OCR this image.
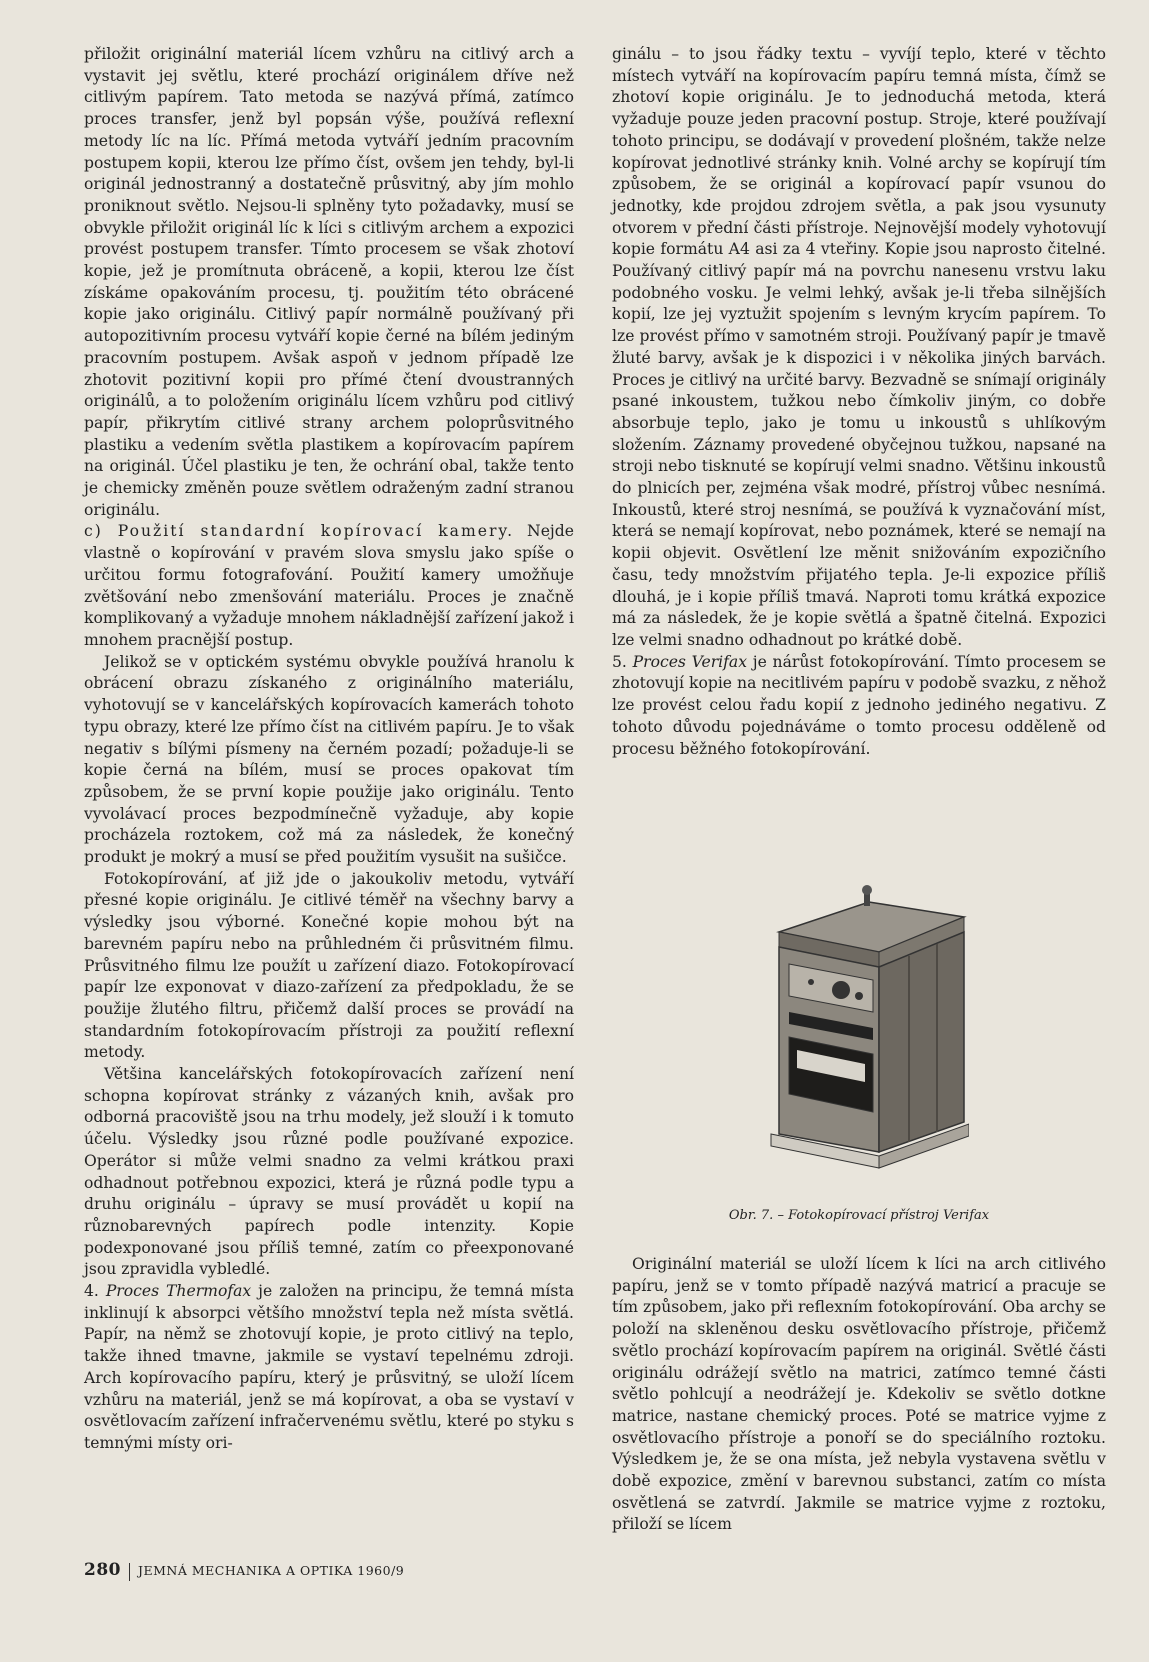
přiložit originální materiál lícem vzhůru na citlivý arch a vystavit jej světlu, které prochází originálem dříve než citlivým papírem. Tato metoda se nazývá přímá, zatímco proces transfer, jenž byl popsán výše, používá reflexní metody líc na líc. Přímá metoda vytváří jedním pracovním postupem kopii, kterou lze přímo číst, ovšem jen tehdy, byl-li originál jednostranný a dostatečně průsvitný, aby jím mohlo proniknout světlo. Nejsou-li splněny tyto požadavky, musí se obvykle přiložit originál líc k líci s citlivým archem a expozici provést postupem transfer. Tímto procesem se však zhotoví kopie, jež je promítnuta obráceně, a kopii, kterou lze číst získáme opakováním procesu, tj. použitím této obrácené kopie jako originálu. Citlivý papír normálně používaný při autopozitivním procesu vytváří kopie černé na bílém jediným pracovním postupem. Avšak aspoň v jednom případě lze zhotovit pozitivní kopii pro přímé čtení dvoustranných originálů, a to položením originálu lícem vzhůru pod citlivý papír, přikrytím citlivé strany archem poloprůsvitného plastiku a vedením světla plastikem a kopírovacím papírem na originál. Účel plastiku je ten, že ochrání obal, takže tento je chemicky změněn pouze světlem odraženým zadní stranou originálu.

c) Použití standardní kopírovací kamery. Nejde vlastně o kopírování v pravém slova smyslu jako spíše o určitou formu fotografování. Použití kamery umožňuje zvětšování nebo zmenšování materiálu. Proces je značně komplikovaný a vyžaduje mnohem nákladnější zařízení jakož i mnohem pracnější postup.

Jelikož se v optickém systému obvykle používá hranolu k obrácení obrazu získaného z originálního materiálu, vyhotovují se v kancelářských kopírovacích kamerách tohoto typu obrazy, které lze přímo číst na citlivém papíru. Je to však negativ s bílými písmeny na černém pozadí; požaduje-li se kopie černá na bílém, musí se proces opakovat tím způsobem, že se první kopie použije jako originálu. Tento vyvolávací proces bezpodmínečně vyžaduje, aby kopie procházela roztokem, což má za následek, že konečný produkt je mokrý a musí se před použitím vysušit na sušičce.

Fotokopírování, ať již jde o jakoukoliv metodu, vytváří přesné kopie originálu. Je citlivé téměř na všechny barvy a výsledky jsou výborné. Konečné kopie mohou být na barevném papíru nebo na průhledném či průsvitném filmu. Průsvitného filmu lze použít u zařízení diazo. Fotokopírovací papír lze exponovat v diazo-zařízení za předpokladu, že se použije žlutého filtru, přičemž další proces se provádí na standardním fotokopírovacím přístroji za použití reflexní metody.

Většina kancelářských fotokopírovacích zařízení není schopna kopírovat stránky z vázaných knih, avšak pro odborná pracoviště jsou na trhu modely, jež slouží i k tomuto účelu. Výsledky jsou různé podle používané expozice. Operátor si může velmi snadno za velmi krátkou praxi odhadnout potřebnou expozici, která je různá podle typu a druhu originálu – úpravy se musí provádět u kopií na různobarevných papírech podle intenzity. Kopie podexponované jsou příliš temné, zatím co přeexponované jsou zpravidla vybledlé.

4. Proces Thermofax je založen na principu, že temná místa inklinují k absorpci většího množství tepla než místa světlá. Papír, na němž se zhotovují kopie, je proto citlivý na teplo, takže ihned tmavne, jakmile se vystaví tepelnému zdroji. Arch kopírovacího papíru, který je průsvitný, se uloží lícem vzhůru na materiál, jenž se má kopírovat, a oba se vystaví v osvětlovacím zařízení infračervenému světlu, které po styku s temnými místy ori-

ginálu – to jsou řádky textu – vyvíjí teplo, které v těchto místech vytváří na kopírovacím papíru temná místa, čímž se zhotoví kopie originálu. Je to jednoduchá metoda, která vyžaduje pouze jeden pracovní postup. Stroje, které používají tohoto principu, se dodávají v provedení plošném, takže nelze kopírovat jednotlivé stránky knih. Volné archy se kopírují tím způsobem, že se originál a kopírovací papír vsunou do jednotky, kde projdou zdrojem světla, a pak jsou vysunuty otvorem v přední části přístroje. Nejnovější modely vyhotovují kopie formátu A4 asi za 4 vteřiny. Kopie jsou naprosto čitelné. Používaný citlivý papír má na povrchu nanesenu vrstvu laku podobného vosku. Je velmi lehký, avšak je-li třeba silnějších kopií, lze jej vyztužit spojením s levným krycím papírem. To lze provést přímo v samotném stroji. Používaný papír je tmavě žluté barvy, avšak je k dispozici i v několika jiných barvách. Proces je citlivý na určité barvy. Bezvadně se snímají originály psané inkoustem, tužkou nebo čímkoliv jiným, co dobře absorbuje teplo, jako je tomu u inkoustů s uhlíkovým složením. Záznamy provedené obyčejnou tužkou, napsané na stroji nebo tisknuté se kopírují velmi snadno. Většinu inkoustů do plnicích per, zejména však modré, přístroj vůbec nesnímá. Inkoustů, které stroj nesnímá, se používá k vyznačování míst, která se nemají kopírovat, nebo poznámek, které se nemají na kopii objevit. Osvětlení lze měnit snižováním expozičního času, tedy množstvím přijatého tepla. Je-li expozice příliš dlouhá, je i kopie příliš tmavá. Naproti tomu krátká expozice má za následek, že je kopie světlá a špatně čitelná. Expozici lze velmi snadno odhadnout po krátké době.

5. Proces Verifax je nárůst fotokopírování. Tímto procesem se zhotovují kopie na necitlivém papíru v podobě svazku, z něhož lze provést celou řadu kopií z jednoho jediného negativu. Z tohoto důvodu pojednáváme o tomto procesu odděleně od procesu běžného fotokopírování.

Obr. 7. – Fotokopírovací přístroj Verifax

Originální materiál se uloží lícem k líci na arch citlivého papíru, jenž se v tomto případě nazývá matricí a pracuje se tím způsobem, jako při reflexním fotokopírování. Oba archy se položí na skleněnou desku osvětlovacího přístroje, přičemž světlo prochází kopírovacím papírem na originál. Světlé části originálu odrážejí světlo na matrici, zatímco temné části světlo pohlcují a neodrážejí je. Kdekoliv se světlo dotkne matrice, nastane chemický proces. Poté se matrice vyjme z osvětlovacího přístroje a ponoří se do speciálního roztoku. Výsledkem je, že se ona místa, jež nebyla vystavena světlu v době expozice, změní v barevnou substanci, zatím co místa osvětlená se zatvrdí. Jakmile se matrice vyjme z roztoku, přiloží se lícem

280 JEMNÁ MECHANIKA A OPTIKA 1960/9
